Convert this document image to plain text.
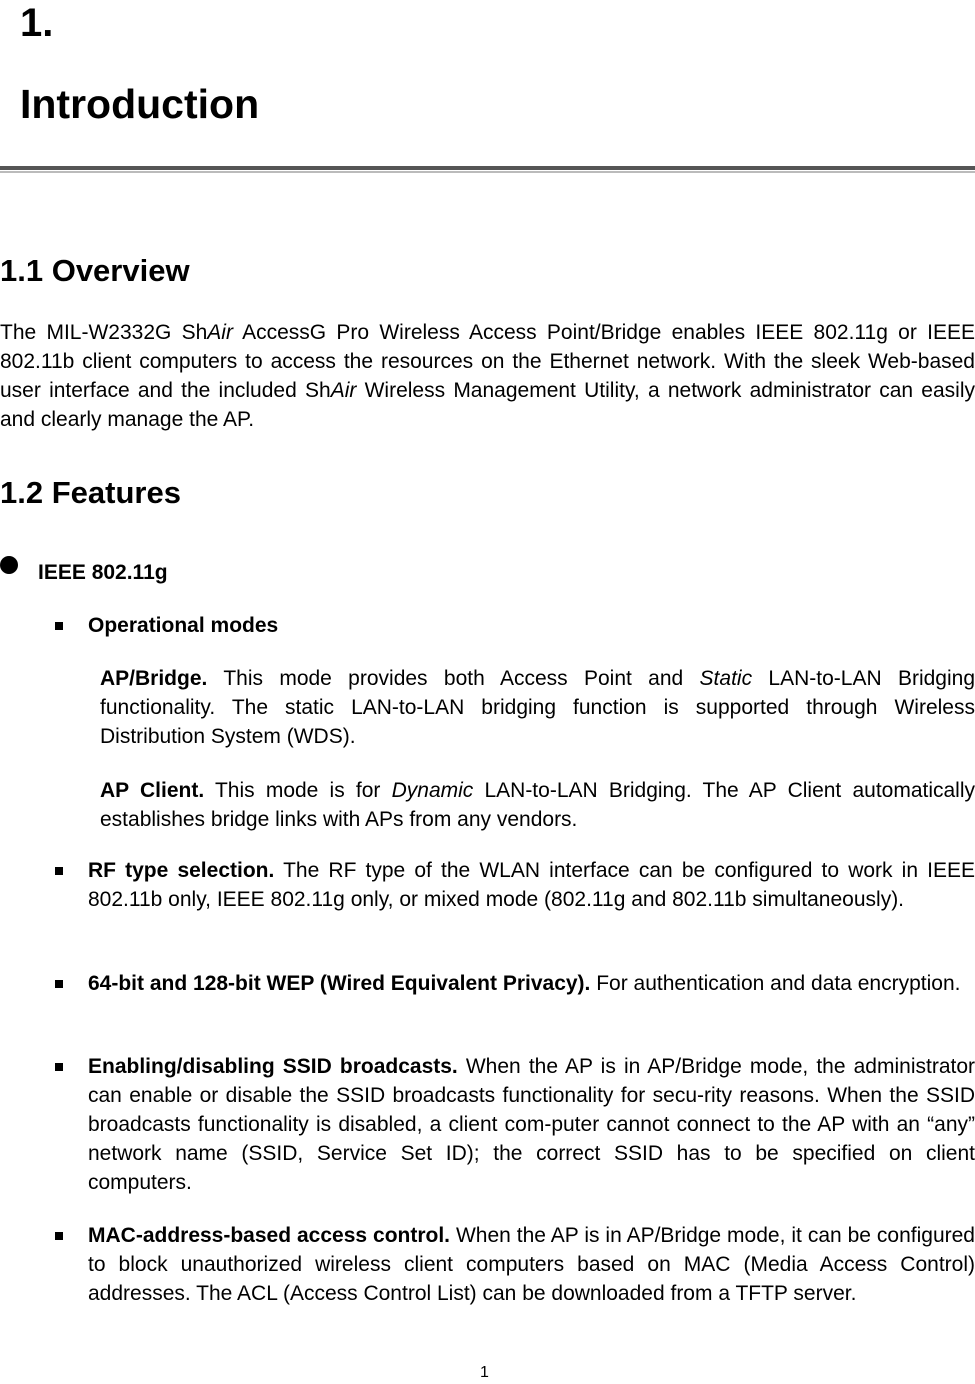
1.
Introduction
1.1 Overview

The MIL-W2332G ShAir AccessG Pro Wireless Access Point/Bridge enables IEEE 802.11g or IEEE 802.11b client computers to access the resources on the Ethernet network. With the sleek Web-based user interface and the included ShAir Wireless Management Utility, a network administrator can easily and clearly manage the AP.

1.2 Features
IEEE 802.11g
Operational modes

AP/Bridge. This mode provides both Access Point and Static LAN-to-LAN Bridging functionality. The static LAN-to-LAN bridging function is supported through Wireless Distribution System (WDS).

AP Client. This mode is for Dynamic LAN-to-LAN Bridging. The AP Client automatically establishes bridge links with APs from any vendors.

RF type selection. The RF type of the WLAN interface can be configured to work in IEEE 802.11b only, IEEE 802.11g only, or mixed mode (802.11g and 802.11b simultaneously).

64-bit and 128-bit WEP (Wired Equivalent Privacy). For authentication and data encryption.

Enabling/disabling SSID broadcasts. When the AP is in AP/Bridge mode, the administrator can enable or disable the SSID broadcasts functionality for secu-rity reasons. When the SSID broadcasts functionality is disabled, a client com-puter cannot connect to the AP with an “any” network name (SSID, Service Set ID); the correct SSID has to be specified on client computers.

MAC-address-based access control. When the AP is in AP/Bridge mode, it can be configured to block unauthorized wireless client computers based on MAC (Media Access Control) addresses. The ACL (Access Control List) can be downloaded from a TFTP server.

1
